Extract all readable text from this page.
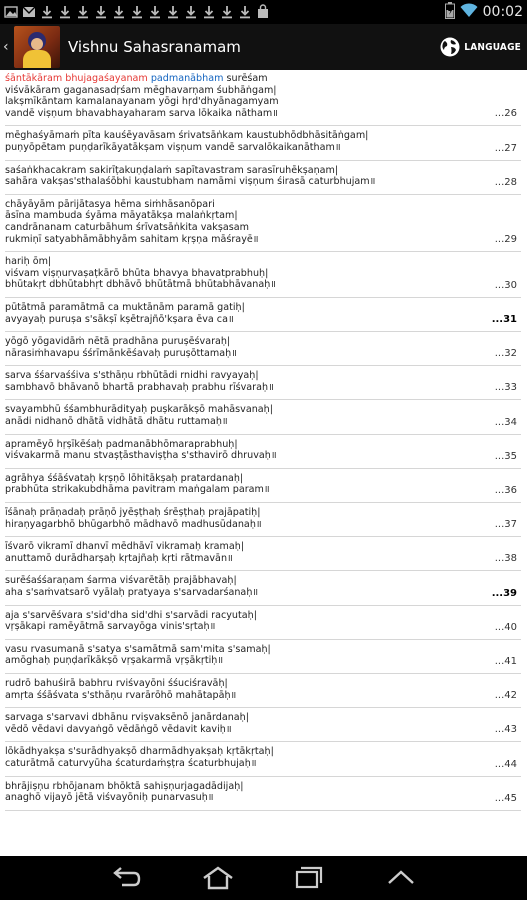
00:02
‹	Vishnu Sahasranamam	LANGUAGE
śāntākāram bhujagaśayanam padmanābham surēśam
viśvākāram gaganasadṛśam mēghavarṇam śubhāṅgam|
lakṣmīkāntam kamalanayanam yōgi hṛd'dhyānagamyam
vandē viṣṇum bhavabhayaharam sarva lōkaika nātham॥	...26
mēghaśyāmaṁ pīta kauśēyavāsam śrivatsāṅkam kaustubhōdbhāsitāṅgam|
puṇyōpētam puṇḍarīkāyatākṣam viṣṇum vandē sarvalōkaikanātham॥	...27
saśaṅkhacakram sakirīṭakuṇḍalaṁ sapītavastram sarasīruhēkṣaṇam|
sahāra vakṣas'sthalaśōbhi kaustubham namāmi viṣṇum śirasā caturbhujam॥	...28
chāyāyām pārijātasya hēma siṁhāsanōpari
āsīna mambuda śyāma māyatākṣa malaṅkṛtam|
candrānanam caturbāhum śrīvatsāṅkita vakṣasam
rukmiṇī satyabhāmābhyām sahitam kṛṣṇa māśrayē॥	...29
hariḥ ōm|
viśvam viṣṇurvaṣaṭkārō bhūta bhavya bhavatprabhuḥ|
bhūtakṛt dbhūtabhṛt dbhāvō bhūtātmā bhūtabhāvanaḥ॥	...30
pūtātmā paramātmā ca muktānām paramā gatiḥ|
avyayaḥ puruṣa s'sākṣī kṣētrajñō'kṣara ēva ca॥	...31
yōgō yōgavidāṁ nētā pradhāna puruṣēśvaraḥ|
nārasiṁhavapu śśrīmānkēśavaḥ puruṣōttamaḥ॥	...32
sarva śśarvaśśiva s'sthāṇu rbhūtādi rnidhi ravyayaḥ|
sambhavō bhāvanō bhartā prabhavaḥ prabhu rīśvaraḥ॥	...33
svayambhū śśambhurādityaḥ puṣkarākṣō mahāsvanaḥ|
anādi nidhanō dhātā vidhātā dhātu ruttamaḥ॥	...34
apramēyō hṛṣīkēśaḥ padmanābhōmaraprabhuḥ|
viśvakarmā manu stvaṣṭāsthaviṣṭha s'sthavirō dhruvaḥ॥	...35
agrāhya śśāśvataḥ kṛṣṇō lōhitākṣaḥ pratardanaḥ|
prabhūta strikakubdhāma pavitram maṅgalam param॥	...36
īśānaḥ prāṇadaḥ prāṇō jyēṣṭhaḥ śrēṣṭhaḥ prajāpatiḥ|
hiraṇyagarbhō bhūgarbhō mādhavō madhusūdanaḥ॥	...37
īśvarō vikramī dhanvī mēdhāvī vikramaḥ kramaḥ|
anuttamō durādharṣaḥ kṛtajñaḥ kṛti rātmavān॥	...38
surēśaśśaraṇam śarma viśvarētāḥ prajābhavaḥ|
aha s'saṁvatsarō vyālaḥ pratyaya s'sarvadarśanaḥ॥	...39
aja s'sarvēśvara s'sid'dha sid'dhi s'sarvādi racyutaḥ|
vṛṣākapi ramēyātmā sarvayōga vinis'sṛtaḥ॥	...40
vasu rvasumanā s'satya s'samātmā sam'mita s'samaḥ|
amōghaḥ puṇḍarīkākṣō vṛṣakarmā vṛṣākṛtiḥ॥	...41
rudrō bahuśirā babhru rviśvayōni śśuciśravāḥ|
amṛta śśāśvata s'sthāṇu rvarārōhō mahātapāḥ॥	...42
sarvaga s'sarvavi dbhānu rviṣvaksēnō janārdanaḥ|
vēdō vēdavi davyaṅgō vēdāṅgō vēdavit kaviḥ॥	...43
lōkādhyakṣa s'surādhyakṣō dharmādhyakṣaḥ kṛtākṛtaḥ|
caturātmā caturvyūha ścaturdaṁṣṭra ścaturbhujaḥ॥	...44
bhrājiṣṇu rbhōjanam bhōktā sahiṣṇurjagadādijaḥ|
anaghō vijayō jētā viśvayōniḥ punarvasuḥ॥	...45
